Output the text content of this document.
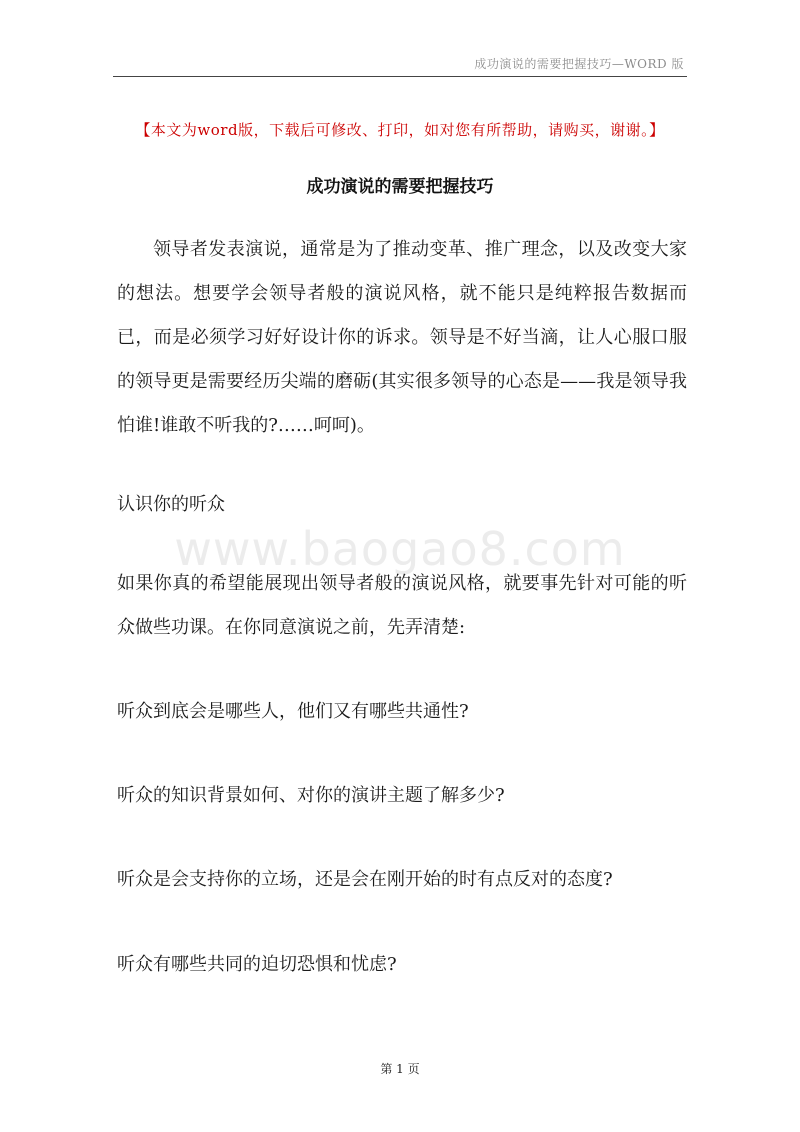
成功演说的需要把握技巧—WORD 版
【本文为word版，下载后可修改、打印，如对您有所帮助，请购买，谢谢。】
成功演说的需要把握技巧

领导者发表演说，通常是为了推动变革、推广理念，以及改变大家的想法。想要学会领导者般的演说风格，就不能只是纯粹报告数据而已，而是必须学习好好设计你的诉求。领导是不好当滴，让人心服口服的领导更是需要经历尖端的磨砺(其实很多领导的心态是——我是领导我怕谁!谁敢不听我的?……呵呵)。

认识你的听众

www.baogao8.com

如果你真的希望能展现出领导者般的演说风格，就要事先针对可能的听众做些功课。在你同意演说之前，先弄清楚:

听众到底会是哪些人，他们又有哪些共通性?

听众的知识背景如何、对你的演讲主题了解多少?

听众是会支持你的立场，还是会在刚开始的时有点反对的态度?

听众有哪些共同的迫切恐惧和忧虑?

第 1 页
